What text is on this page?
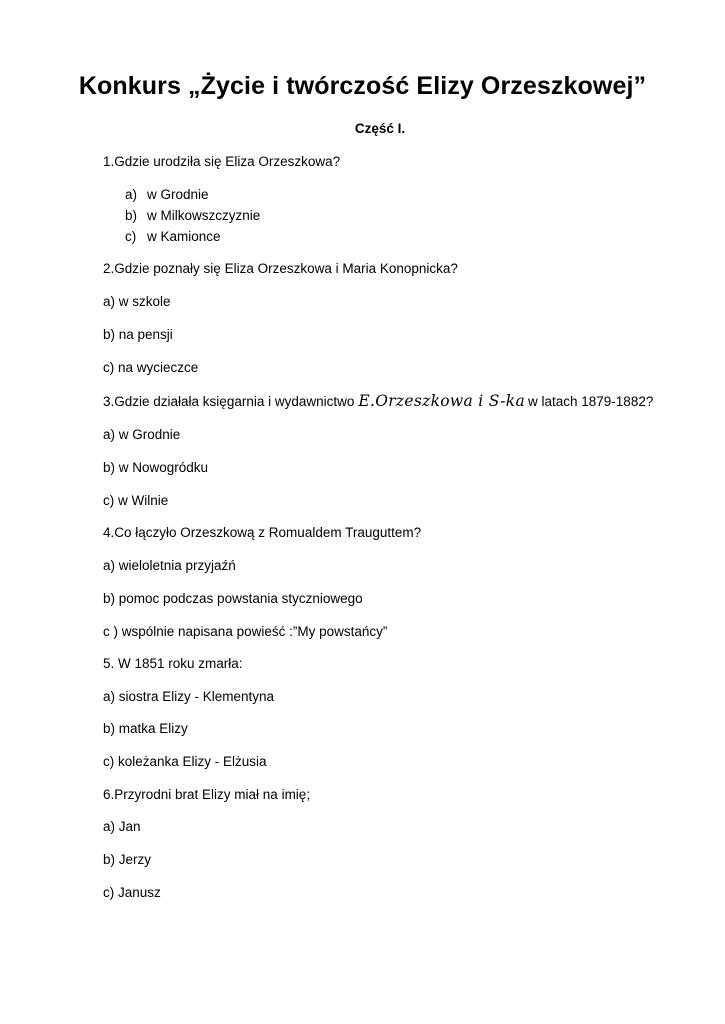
Konkurs „Życie i twórczość Elizy Orzeszkowej”
Część I.
1.Gdzie urodziła się Eliza Orzeszkowa?
a) w Grodnie
b) w Milkowszczyznie
c) w Kamionce
2.Gdzie poznały się Eliza Orzeszkowa i Maria Konopnicka?
a) w szkole
b) na pensji
c) na wycieczce
3.Gdzie działała księgarnia i wydawnictwo E.Orzeszkowa i S-ka w latach 1879-1882?
a) w Grodnie
b) w Nowogródku
c) w Wilnie
4.Co łączyło Orzeszkową z Romualdem Trauguttem?
a) wieloletnia przyjaźń
b) pomoc podczas powstania styczniowego
c ) wspólnie napisana powieść :”My powstańcy”
5. W 1851 roku zmarła:
a) siostra Elizy - Klementyna
b) matka Elizy
c) koleżanka Elizy - Elżusia
6.Przyrodni brat Elizy miał na imię;
a) Jan
b) Jerzy
c) Janusz
